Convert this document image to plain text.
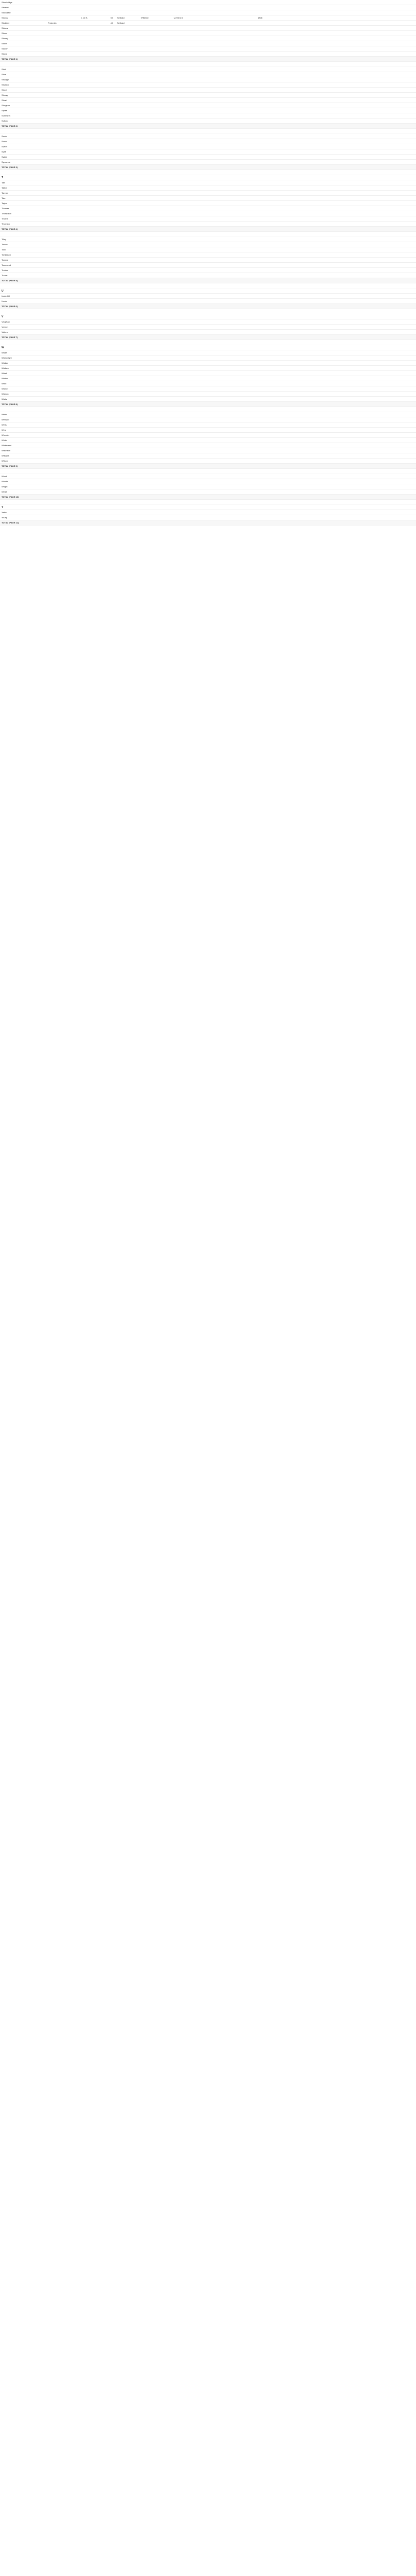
Stourbridge
Stewart
Stockdale
Stocks	J. de S.	50 Selfpaid	Wiltshire	Meyfield e	1806
Stoddart	Frederick	40 Selfpaid
Stokes
Stone
Stoney
Storer
Storey
Storrs
TOTAL (PAGE 1)
Stott
Stow
Strange
Stratton
Street
Strong
Stuart
Sturgeon
Styles
Summers
Sutton
TOTAL (PAGE 2)
Swain
Swan
Sweet
Swift
Sykes
Symonds
TOTAL (PAGE 3)
T
Tait
Talbot
Tanner
Tate
Taylor
Thomas
Thompson
Thorne
Thornton
TOTAL (PAGE 4)
Tilley
Timms
Todd
Tomlinson
Towers
Townsend
Tucker
Turner
TOTAL (PAGE 5)
U
Underhill
Unwin
TOTAL (PAGE 6)
V
Vaughan
Vernon
Vickers
TOTAL (PAGE 7)
W
Wade
Wainwright
Walker
Wallace
Walsh
Walton
Ward
Warner
Watson
Watts
TOTAL (PAGE 8)
Webb
Webster
Wells
West
Wheeler
White
Whitehead
Wilkinson
Williams
Wilson
TOTAL (PAGE 9)
Wood
Woods
Wright
Wyatt
TOTAL (PAGE 10)
Y
Yates
Young
TOTAL (PAGE 11)
